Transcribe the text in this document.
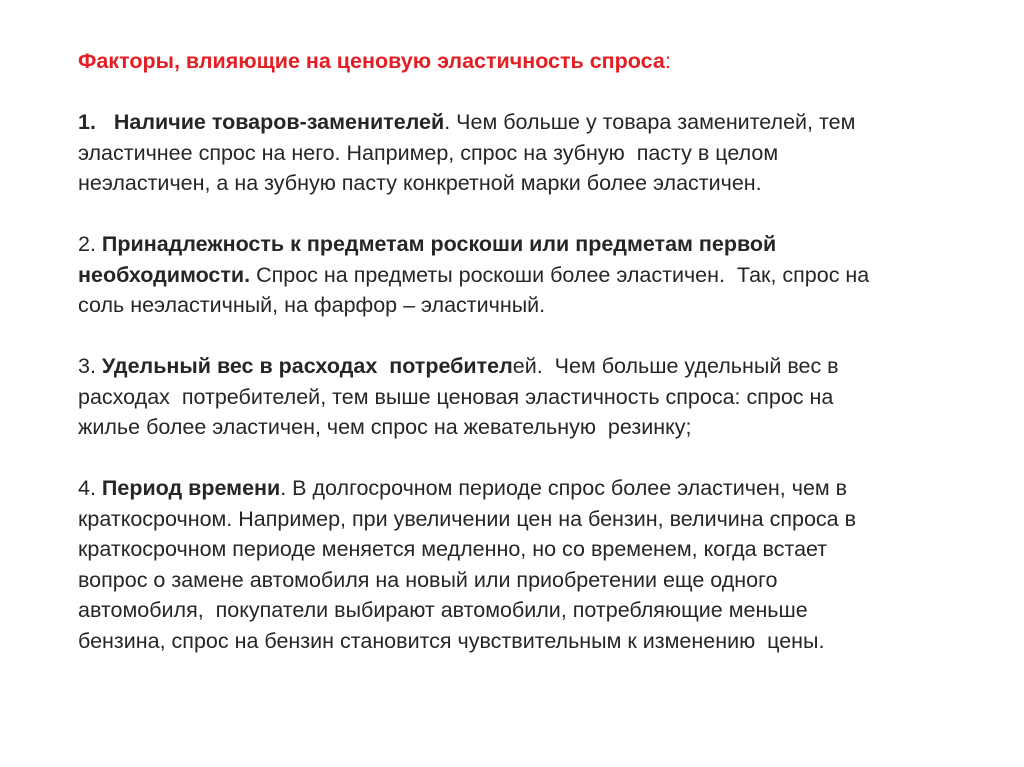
Факторы, влияющие на ценовую эластичность спроса:

1. Наличие товаров-заменителей. Чем больше у товара заменителей, тем
эластичнее спрос на него. Например, спрос на зубную  пасту в целом
неэластичен, а на зубную пасту конкретной марки более эластичен.
2. Принадлежность к предметам роскоши или предметам первой
необходимости. Спрос на предметы роскоши более эластичен.  Так, спрос на
соль неэластичный, на фарфор – эластичный.
3. Удельный вес в расходах  потребителей.  Чем больше удельный вес в
расходах  потребителей, тем выше ценовая эластичность спроса: спрос на
жилье более эластичен, чем спрос на жевательную  резинку;
4. Период времени. В долгосрочном периоде спрос более эластичен, чем в
краткосрочном. Например, при увеличении цен на бензин, величина спроса в
краткосрочном периоде меняется медленно, но со временем, когда встает
вопрос о замене автомобиля на новый или приобретении еще одного
автомобиля,  покупатели выбирают автомобили, потребляющие меньше
бензина, спрос на бензин становится чувствительным к изменению  цены.
